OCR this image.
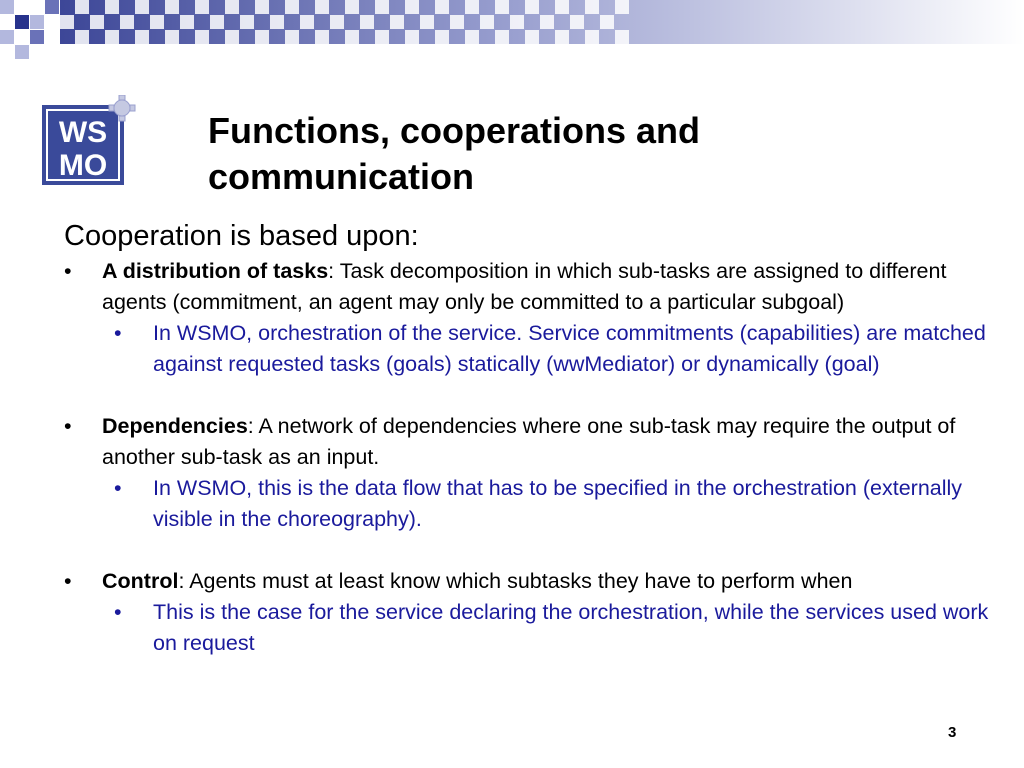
WS
MO
Functions, cooperations and
communication
Cooperation is based upon:
• A distribution of tasks: Task decomposition in which sub-tasks are assigned to different agents (commitment, an agent may only be committed to a particular subgoal)
• In WSMO, orchestration of the service. Service commitments (capabilities) are matched against requested tasks (goals) statically (wwMediator) or dynamically (goal)
• Dependencies: A network of dependencies where one sub-task may require the output of another sub-task as an input.
• In WSMO, this is the data flow that has to be specified in the orchestration (externally visible in the choreography).
• Control: Agents must at least know which subtasks they have to perform when
• This is the case for the service declaring the orchestration, while the services used work on request
3
